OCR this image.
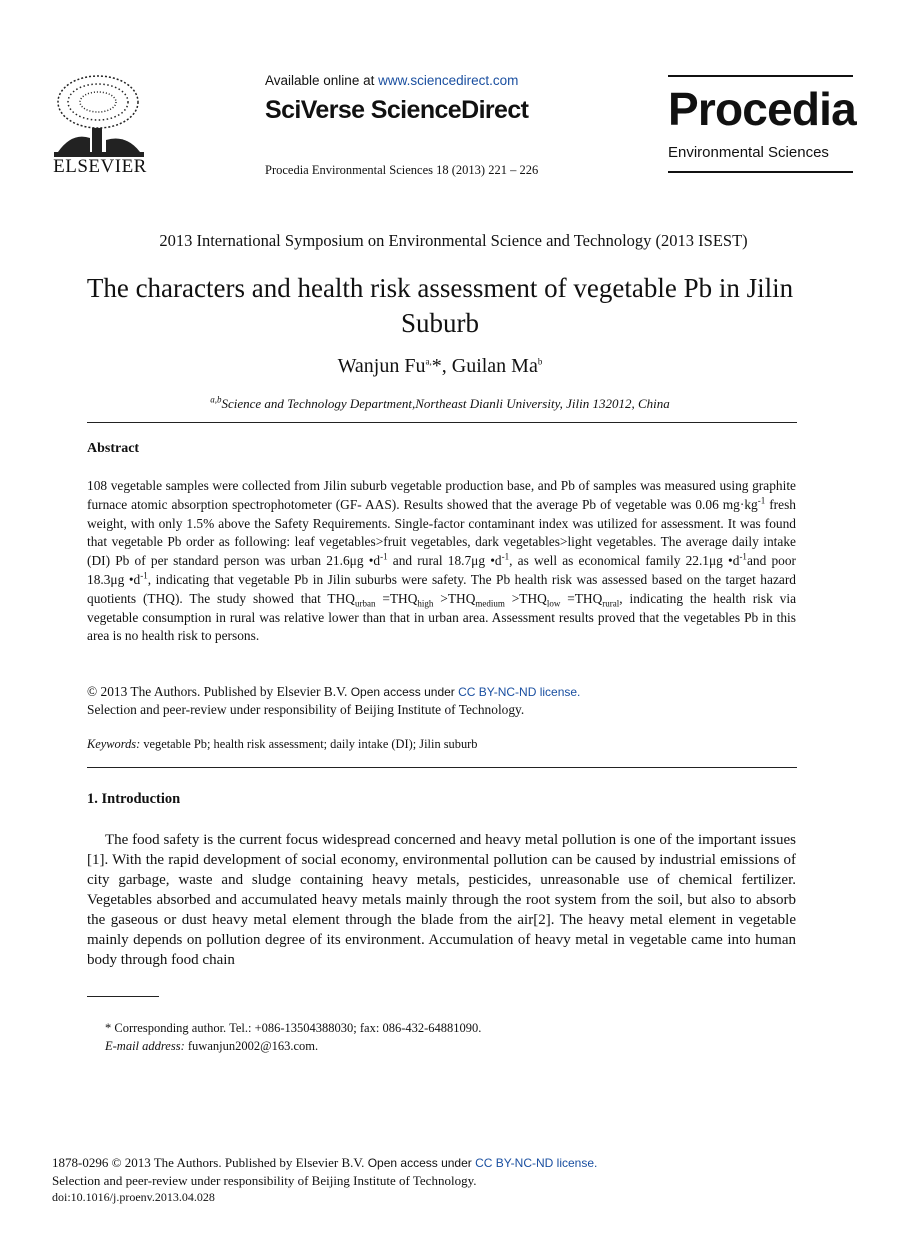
ELSEVIER
Available online at www.sciencedirect.com
SciVerse ScienceDirect
Procedia Environmental Sciences 18 (2013) 221 – 226
Procedia
Environmental Sciences
2013 International Symposium on Environmental Science and Technology (2013 ISEST)
The characters and health risk assessment of vegetable Pb in Jilin Suburb
Wanjun $Fu^{a,}*$, Guilan Ma$^b$
$^{a,b}$Science and Technology Department,Northeast Dianli University, Jilin 132012, China
Abstract
108 vegetable samples were collected from Jilin suburb vegetable production base, and Pb of samples was measured using graphite furnace atomic absorption spectrophotometer (GF- AAS). Results showed that the average Pb of vegetable was 0.06 $mg\cdot kg^{-1}$ fresh weight, with only 1.5% above the Safety Requirements. Single-factor contaminant index was utilized for assessment. It was found that vegetable Pb order as following: leaf vegetables>fruit vegetables, dark vegetables>light vegetables. The average daily intake (DI) Pb of per standard person was urban 21.6μg $•d^{-1}$ and rural 18.7μg $•d^{-1}$, as well as economical family 22.1μg $•d^{-1}and$ poor 18.3μg $•d^{-1}$, indicating that vegetable Pb in Jilin suburbs were safety. The Pb health risk was assessed based on the target hazard quotients (THQ). The study showed that $THQ_{urban} =THQ_{high} >THQ_{medium} >THQ_{low} =THQ_{rural}$, indicating the health risk via vegetable consumption in rural was relative lower than that in urban area. Assessment results proved that the vegetables Pb in this area is no health risk to persons.
© 2013 The Authors. Published by Elsevier B.V. Open access under CC BY-NC-ND license.
Selection and peer-review under responsibility of Beijing Institute of Technology.
Keywords: vegetable Pb; health risk assessment; daily intake (DI); Jilin suburb
1. Introduction
The food safety is the current focus widespread concerned and heavy metal pollution is one of the important issues [1]. With the rapid development of social economy, environmental pollution can be caused by industrial emissions of city garbage, waste and sludge containing heavy metals, pesticides, unreasonable use of chemical fertilizer. Vegetables absorbed and accumulated heavy metals mainly through the root system from the soil, but also to absorb the gaseous or dust heavy metal element through the blade from the air[2]. The heavy metal element in vegetable mainly depends on pollution degree of its environment. Accumulation of heavy metal in vegetable came into human body through food chain
* Corresponding author. Tel.: +086-13504388030; fax: 086-432-64881090.
E-mail address: fuwanjun2002@163.com.
1878-0296 © 2013 The Authors. Published by Elsevier B.V. Open access under CC BY-NC-ND license.
Selection and peer-review under responsibility of Beijing Institute of Technology.
doi:10.1016/j.proenv.2013.04.028
